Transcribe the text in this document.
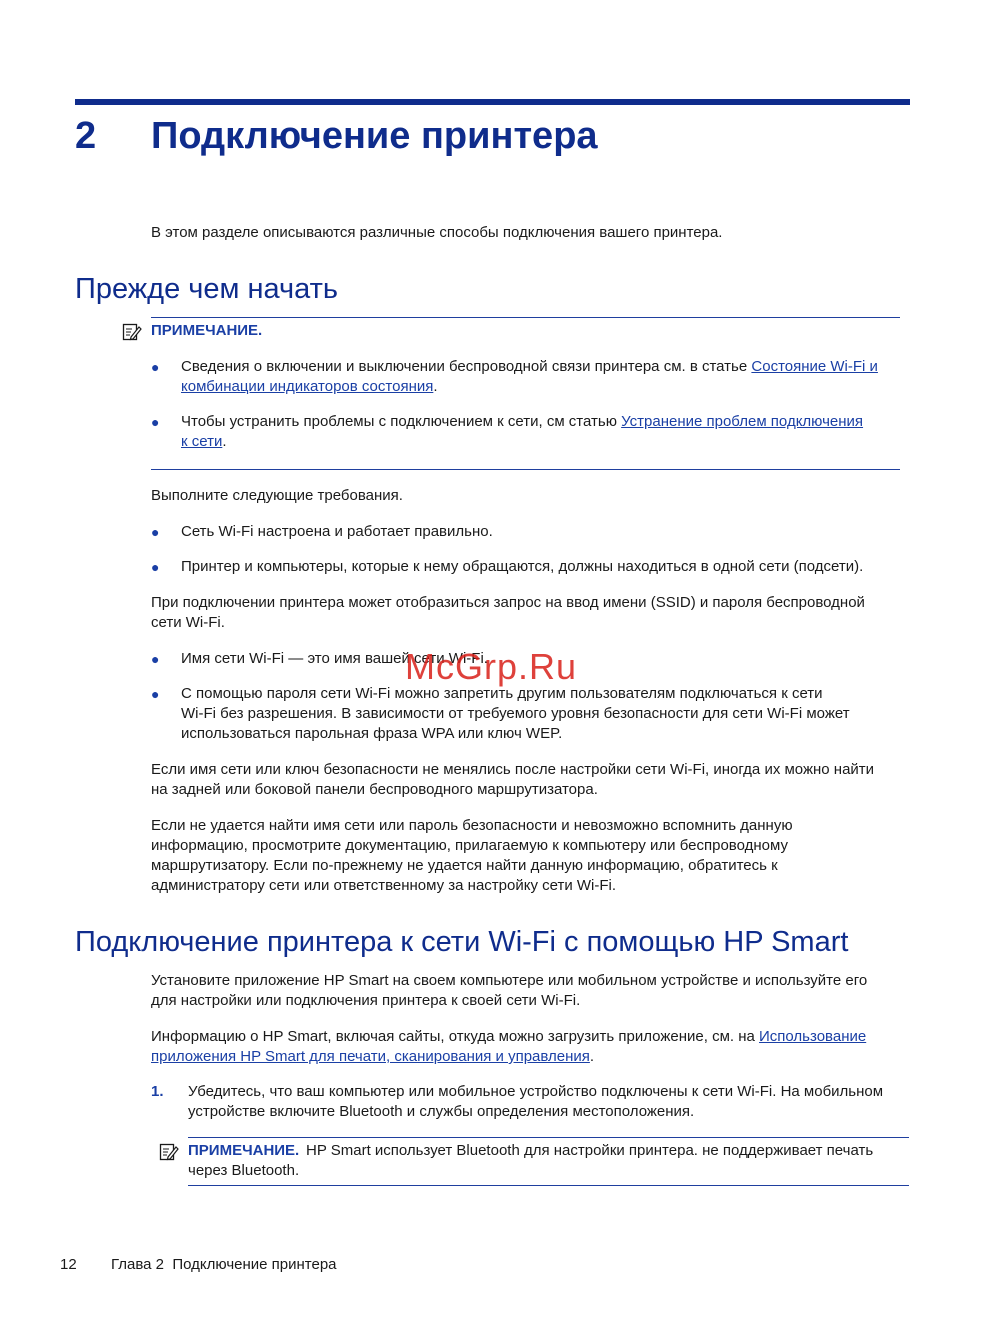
2 Подключение принтера
В этом разделе описываются различные способы подключения вашего принтера.
Прежде чем начать
ПРИМЕЧАНИЕ.
● Сведения о включении и выключении беспроводной связи принтера см. в статье Состояние Wi-Fi и
комбинации индикаторов состояния.
● Чтобы устранить проблемы с подключением к сети, см статью Устранение проблем подключения
к сети.
Выполните следующие требования.
● Сеть Wi-Fi настроена и работает правильно.
● Принтер и компьютеры, которые к нему обращаются, должны находиться в одной сети (подсети).
При подключении принтера может отобразиться запрос на ввод имени (SSID) и пароля беспроводной
сети Wi-Fi.
● Имя сети Wi-Fi — это имя вашей сети Wi-Fi.
● С помощью пароля сети Wi-Fi можно запретить другим пользователям подключаться к сети
Wi-Fi без разрешения. В зависимости от требуемого уровня безопасности для сети Wi-Fi может
использоваться парольная фраза WPA или ключ WEP.
Если имя сети или ключ безопасности не менялись после настройки сети Wi-Fi, иногда их можно найти
на задней или боковой панели беспроводного маршрутизатора.
Если не удается найти имя сети или пароль безопасности и невозможно вспомнить данную
информацию, просмотрите документацию, прилагаемую к компьютеру или беспроводному
маршрутизатору. Если по-прежнему не удается найти данную информацию, обратитесь к
администратору сети или ответственному за настройку сети Wi-Fi.
Подключение принтера к сети Wi-Fi с помощью HP Smart
Установите приложение HP Smart на своем компьютере или мобильном устройстве и используйте его
для настройки или подключения принтера к своей сети Wi-Fi.
Информацию о HP Smart, включая сайты, откуда можно загрузить приложение, см. на Использование
приложения HP Smart для печати, сканирования и управления.
1. Убедитесь, что ваш компьютер или мобильное устройство подключены к сети Wi-Fi. На мобильном
устройстве включите Bluetooth и службы определения местоположения.
ПРИМЕЧАНИЕ. HP Smart использует Bluetooth для настройки принтера. не поддерживает печать
через Bluetooth.
McGrp.Ru
12 Глава 2  Подключение принтера
